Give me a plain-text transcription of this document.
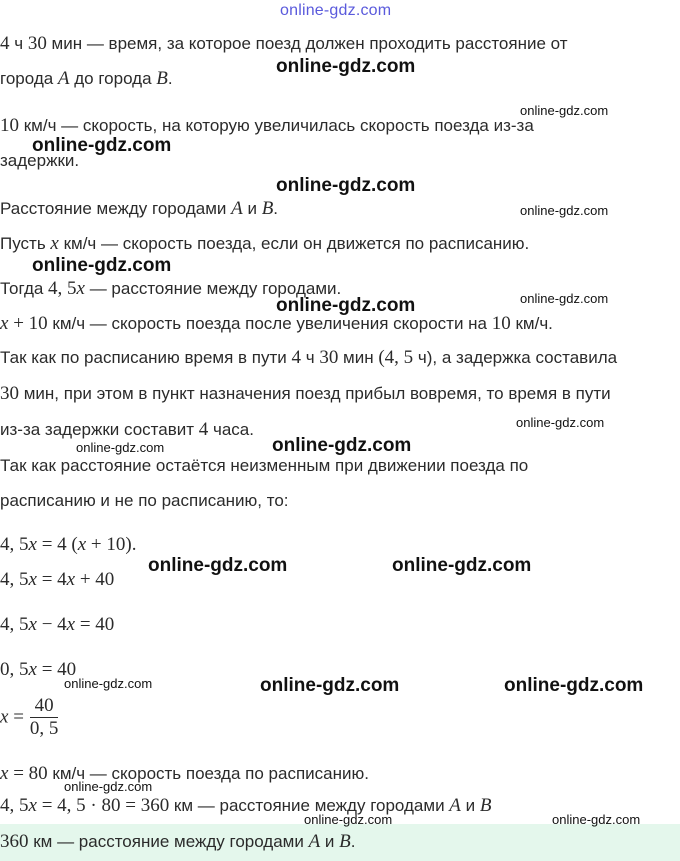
online-gdz.com
4 ч 30 мин — время, за которое поезд должен проходить расстояние от
города A до города B.
10 км/ч — скорость, на которую увеличилась скорость поезда из-за
задержки.
Расстояние между городами A и B.
Пусть x км/ч — скорость поезда, если он движется по расписанию.
Тогда 4, 5x — расстояние между городами.
x + 10 км/ч — скорость поезда после увеличения скорости на 10 км/ч.
Так как по расписанию время в пути 4 ч 30 мин (4, 5 ч), а задержка составила
30 мин, при этом в пункт назначения поезд прибыл вовремя, то время в пути
из-за задержки составит 4 часа.
Так как расстояние остаётся неизменным при движении поезда по
расписанию и не по расписанию, то:
4, 5x = 4 (x + 10).
4, 5x = 4x + 40
4, 5x − 4x = 40
0, 5x = 40
$x = \frac{40}{0, 5}$
x = 80 км/ч — скорость поезда по расписанию.
4, 5x = 4, 5 · 80 = 360 км — расстояние между городами A и B
360 км — расстояние между городами A и B.
online-gdz.com
online-gdz.com
online-gdz.com
online-gdz.com
online-gdz.com
online-gdz.com
online-gdz.com
online-gdz.com
online-gdz.com
online-gdz.com
online-gdz.com
online-gdz.com	online-gdz.com
online-gdz.com	online-gdz.com	online-gdz.com
online-gdz.com
online-gdz.com	online-gdz.com
